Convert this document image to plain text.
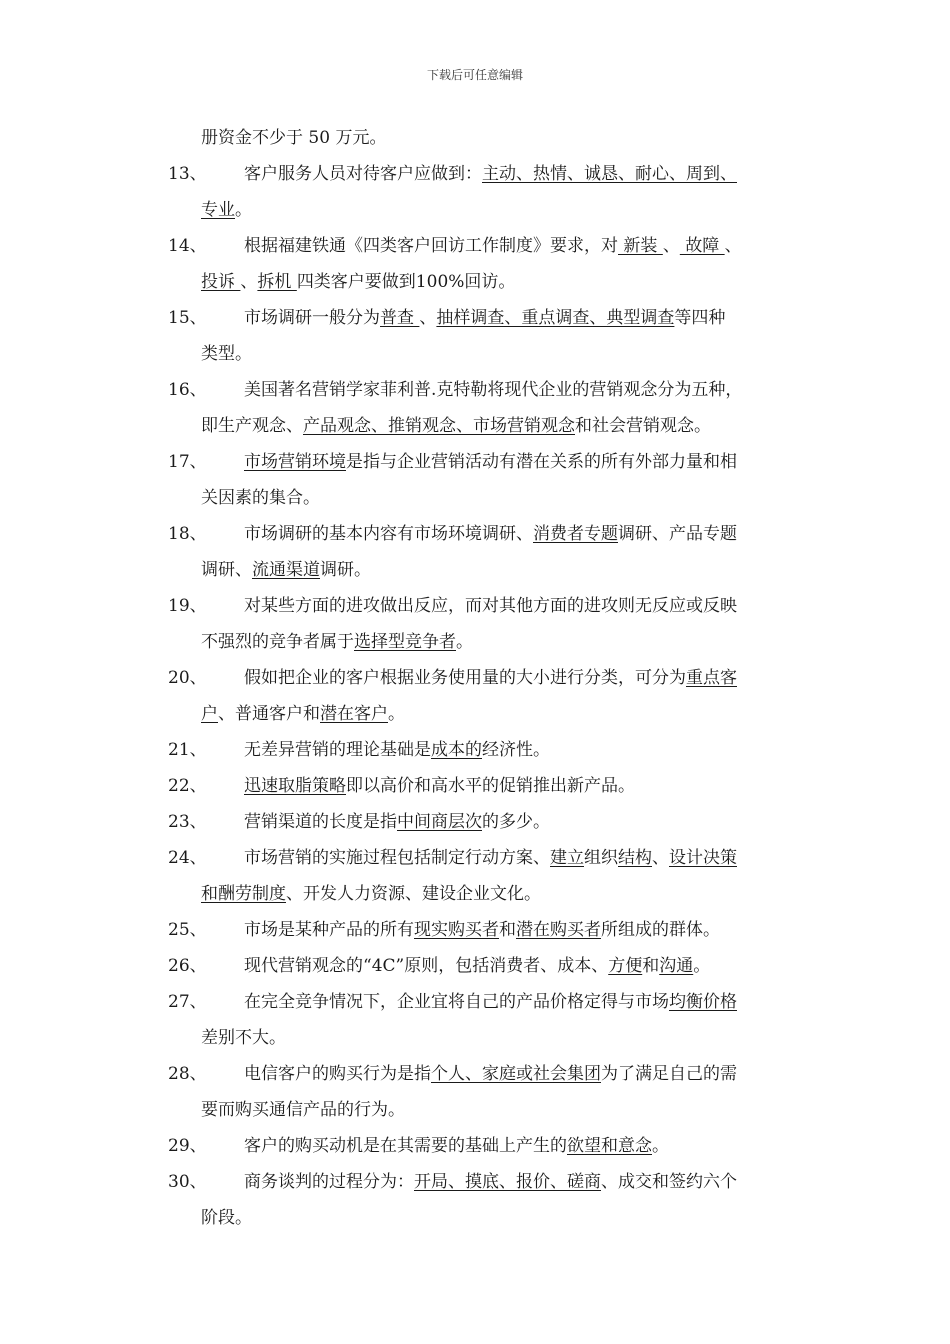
下载后可任意编辑
册资金不少于 50 万元。
13、	客户服务人员对待客户应做到：主动、热情、诚恳、耐心、周到、
专业。
14、	根据福建铁通《四类客户回访工作制度》要求，对 新装 、 故障 、
投诉 、拆机 四类客户要做到100%回访。
15、	市场调研一般分为普查 、抽样调查、重点调查、典型调查等四种
类型。
16、	美国著名营销学家菲利普.克特勒将现代企业的营销观念分为五种，
即生产观念、产品观念、推销观念、市场营销观念和社会营销观念。
17、	市场营销环境是指与企业营销活动有潜在关系的所有外部力量和相
关因素的集合。
18、	市场调研的基本内容有市场环境调研、消费者专题调研、产品专题
调研、流通渠道调研。
19、	对某些方面的进攻做出反应，而对其他方面的进攻则无反应或反映
不强烈的竞争者属于选择型竞争者。
20、	假如把企业的客户根据业务使用量的大小进行分类，可分为重点客
户、普通客户和潜在客户。
21、	无差异营销的理论基础是成本的经济性。
22、	迅速取脂策略即以高价和高水平的促销推出新产品。
23、	营销渠道的长度是指中间商层次的多少。
24、	市场营销的实施过程包括制定行动方案、建立组织结构、设计决策
和酬劳制度、开发人力资源、建设企业文化。
25、	市场是某种产品的所有现实购买者和潜在购买者所组成的群体。
26、	现代营销观念的“4C”原则，包括消费者、成本、方便和沟通。
27、	在完全竞争情况下，企业宜将自己的产品价格定得与市场均衡价格
差别不大。
28、	电信客户的购买行为是指个人、家庭或社会集团为了满足自己的需
要而购买通信产品的行为。
29、	客户的购买动机是在其需要的基础上产生的欲望和意念。
30、	商务谈判的过程分为：开局、摸底、报价、磋商、成交和签约六个
阶段。
